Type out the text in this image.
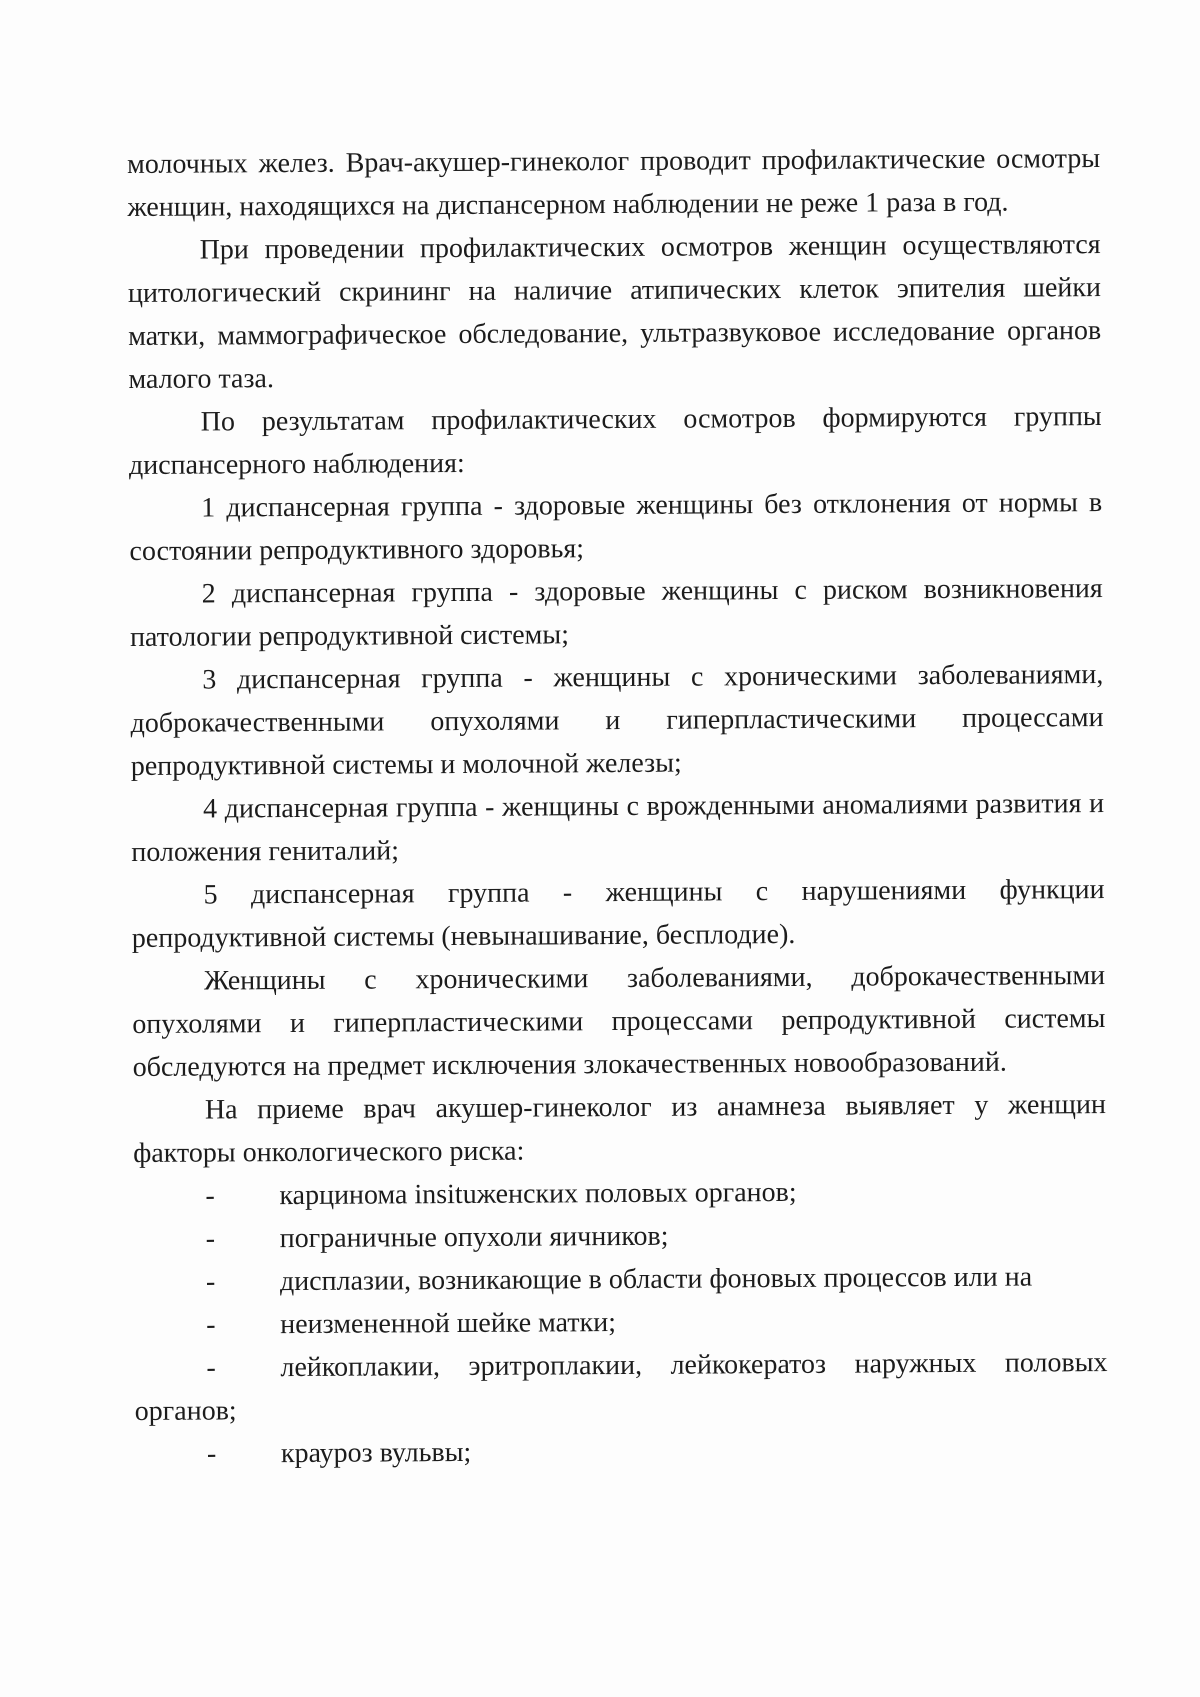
молочных желез. Врач-акушер-гинеколог проводит профилактические осмотры женщин, находящихся на диспансерном наблюдении не реже 1 раза в год.

При проведении профилактических осмотров женщин осуществляются цитологический скрининг на наличие атипических клеток эпителия шейки матки, маммографическое обследование, ультразвуковое исследование органов малого таза.

По результатам профилактических осмотров формируются группы диспансерного наблюдения:

1 диспансерная группа - здоровые женщины без отклонения от нормы в состоянии репродуктивного здоровья;

2 диспансерная группа - здоровые женщины с риском возникновения патологии репродуктивной системы;

3 диспансерная группа - женщины с хроническими заболеваниями, доброкачественными опухолями и гиперпластическими процессами репродуктивной системы и молочной железы;

4 диспансерная группа - женщины с врожденными аномалиями развития и положения гениталий;

5 диспансерная группа - женщины с нарушениями функции репродуктивной системы (невынашивание, бесплодие).

Женщины с хроническими заболеваниями, доброкачественными опухолями и гиперпластическими процессами репродуктивной системы обследуются на предмет исключения злокачественных новообразований.

На приеме врач акушер-гинеколог из анамнеза выявляет у женщин факторы онкологического риска:

- карцинома insituженских половых органов;
- пограничные опухоли яичников;
- дисплазии, возникающие в области фоновых процессов или на
- неизмененной шейке матки;
- лейкоплакии, эритроплакии, лейкокератоз наружных половых органов;
- крауроз вульвы;
